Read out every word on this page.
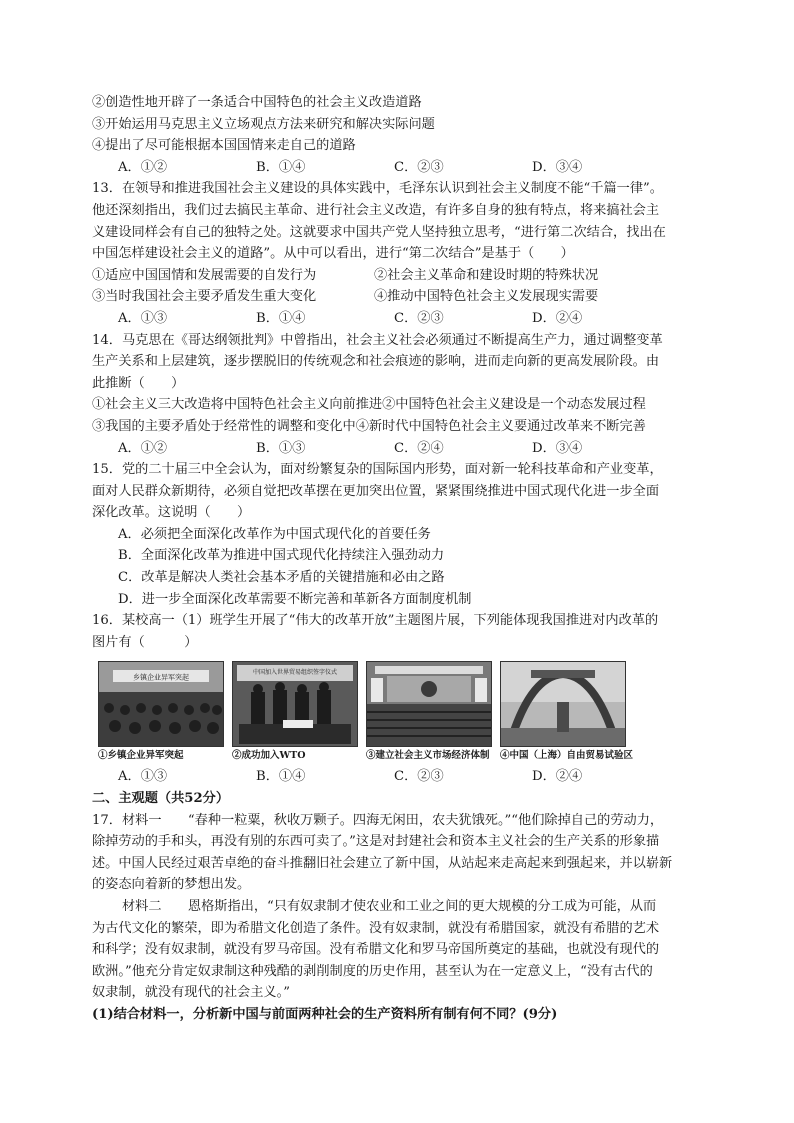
②创造性地开辟了一条适合中国特色的社会主义改造道路
③开始运用马克思主义立场观点方法来研究和解决实际问题
④提出了尽可能根据本国国情来走自己的道路
A．①②	B．①④	C．②③	D．③④
13．在领导和推进我国社会主义建设的具体实践中，毛泽东认识到社会主义制度不能“千篇一律”。
他还深刻指出，我们过去搞民主革命、进行社会主义改造，有许多自身的独有特点，将来搞社会主
义建设同样会有自己的独特之处。这就要求中国共产党人坚持独立思考，“进行第二次结合，找出在
中国怎样建设社会主义的道路”。从中可以看出，进行“第二次结合”是基于（　　）
①适应中国国情和发展需要的自发行为	②社会主义革命和建设时期的特殊状况
③当时我国社会主要矛盾发生重大变化	④推动中国特色社会主义发展现实需要
A．①③	B．①④	C．②③	D．②④
14．马克思在《哥达纲领批判》中曾指出，社会主义社会必须通过不断提高生产力，通过调整变革
生产关系和上层建筑，逐步摆脱旧的传统观念和社会痕迹的影响，进而走向新的更高发展阶段。由
此推断（　　）
①社会主义三大改造将中国特色社会主义向前推进②中国特色社会主义建设是一个动态发展过程
③我国的主要矛盾处于经常性的调整和变化中④新时代中国特色社会主义要通过改革来不断完善
A．①②	B．①③	C．②④	D．③④
15．党的二十届三中全会认为，面对纷繁复杂的国际国内形势，面对新一轮科技革命和产业变革，
面对人民群众新期待，必须自觉把改革摆在更加突出位置，紧紧围绕推进中国式现代化进一步全面
深化改革。这说明（　　）
A．必须把全面深化改革作为中国式现代化的首要任务
B．全面深化改革为推进中国式现代化持续注入强劲动力
C．改革是解决人类社会基本矛盾的关键措施和必由之路
D．进一步全面深化改革需要不断完善和革新各方面制度机制
16．某校高一（1）班学生开展了“伟大的改革开放”主题图片展，下列能体现我国推进对内改革的
图片有（　　　）
乡镇企业异军突起
①乡镇企业异军突起
中国加入世界贸易组织签字仪式
②成功加入WTO	③建立社会主义市场经济体制 ④中国（上海）自由贸易试验区
A．①③	B．①④	C．②③	D．②④
二、主观题（共52分）
17．材料一　　“春种一粒粟，秋收万颗子。四海无闲田，农夫犹饿死。”“他们除掉自己的劳动力，
除掉劳动的手和头，再没有别的东西可卖了。”这是对封建社会和资本主义社会的生产关系的形象描
述。中国人民经过艰苦卓绝的奋斗推翻旧社会建立了新中国，从站起来走高起来到强起来，并以崭新
的姿态向着新的梦想出发。
材料二　　恩格斯指出，“只有奴隶制才使农业和工业之间的更大规模的分工成为可能，从而
为古代文化的繁荣，即为希腊文化创造了条件。没有奴隶制，就没有希腊国家，就没有希腊的艺术
和科学；没有奴隶制，就没有罗马帝国。没有希腊文化和罗马帝国所奠定的基础，也就没有现代的
欧洲。”他充分肯定奴隶制这种残酷的剥削制度的历史作用，甚至认为在一定意义上，“没有古代的
奴隶制，就没有现代的社会主义。”
(1)结合材料一，分析新中国与前面两种社会的生产资料所有制有何不同？(9分)
